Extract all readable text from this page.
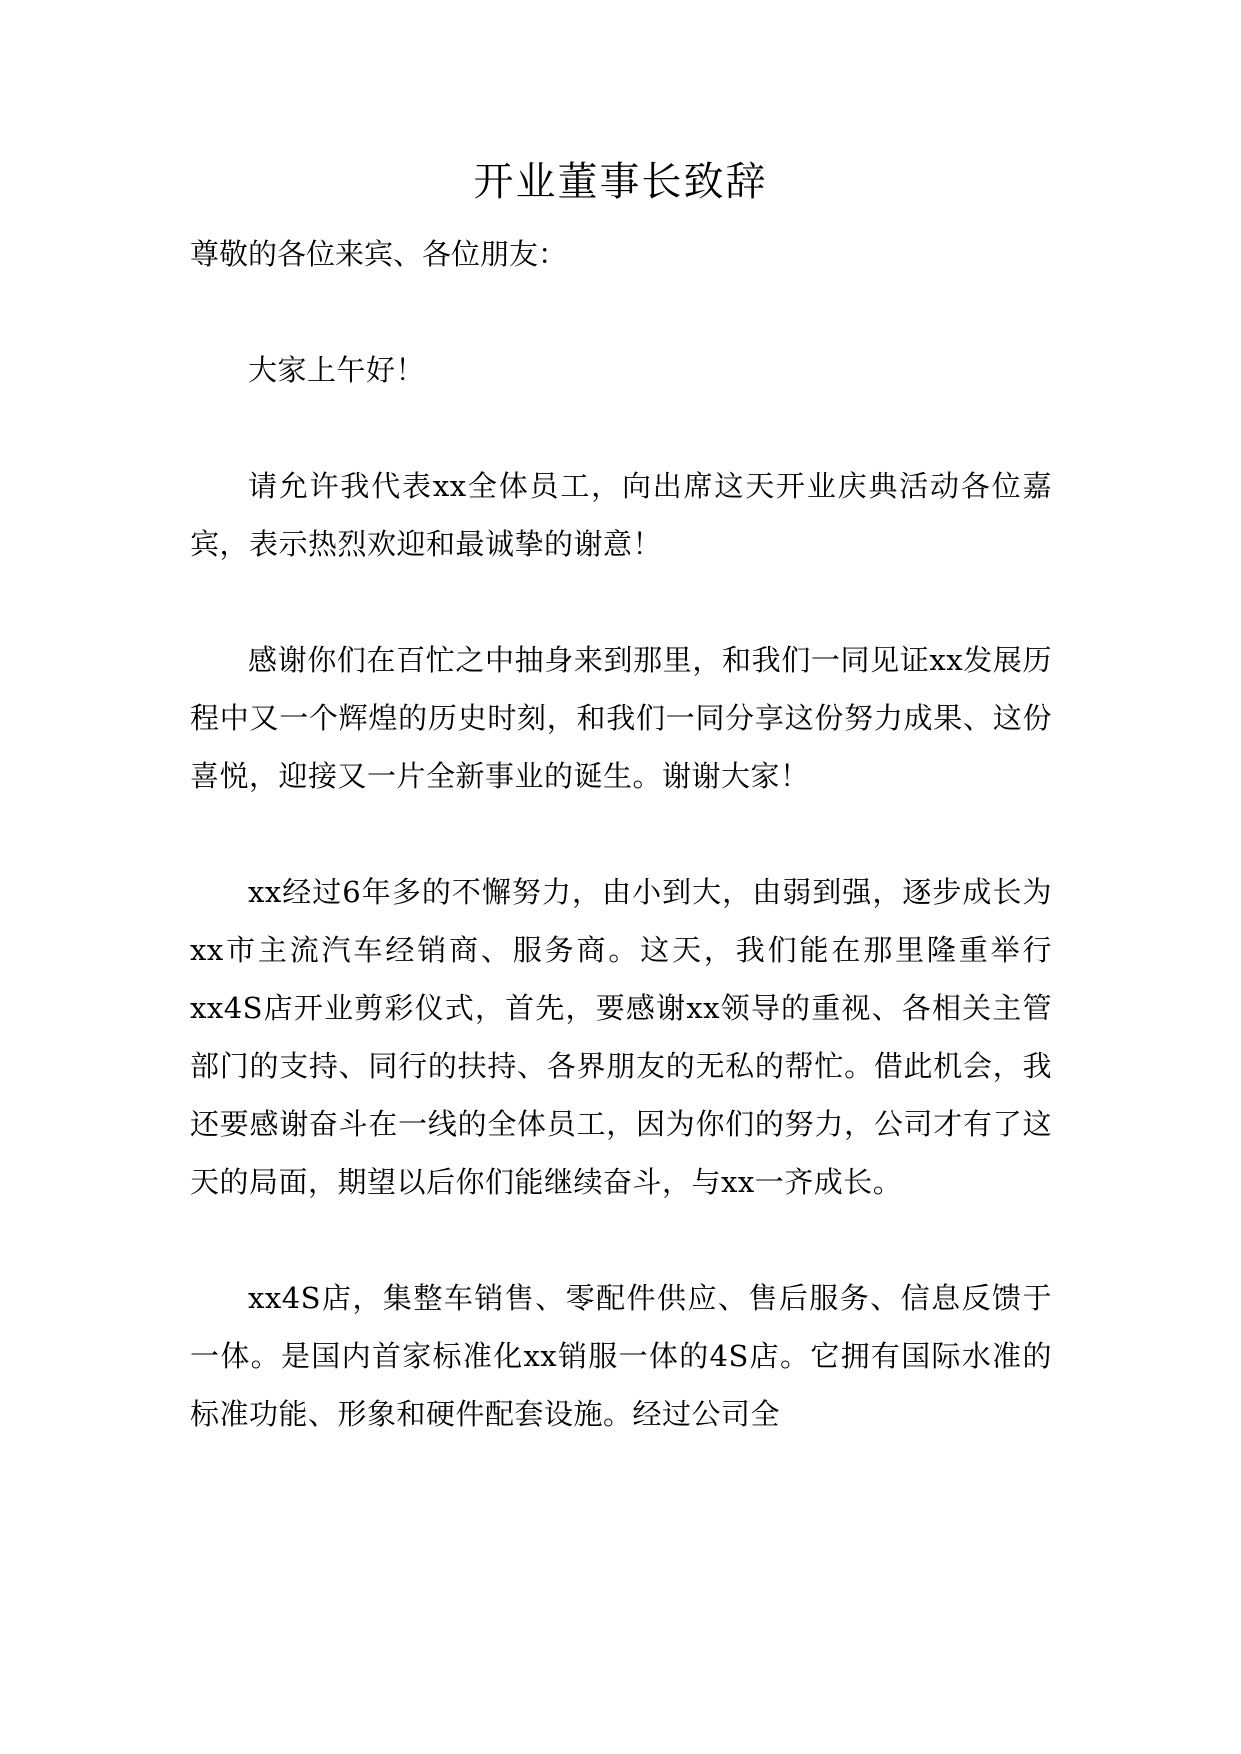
开业董事长致辞

尊敬的各位来宾、各位朋友：

大家上午好！

请允许我代表xx全体员工，向出席这天开业庆典活动各位嘉宾，表示热烈欢迎和最诚挚的谢意！

感谢你们在百忙之中抽身来到那里，和我们一同见证xx发展历程中又一个辉煌的历史时刻，和我们一同分享这份努力成果、这份喜悦，迎接又一片全新事业的诞生。谢谢大家！

xx经过6年多的不懈努力，由小到大，由弱到强，逐步成长为xx市主流汽车经销商、服务商。这天，我们能在那里隆重举行xx4S店开业剪彩仪式，首先，要感谢xx领导的重视、各相关主管部门的支持、同行的扶持、各界朋友的无私的帮忙。借此机会，我还要感谢奋斗在一线的全体员工，因为你们的努力，公司才有了这天的局面，期望以后你们能继续奋斗，与xx一齐成长。

xx4S店，集整车销售、零配件供应、售后服务、信息反馈于一体。是国内首家标准化xx销服一体的4S店。它拥有国际水准的标准功能、形象和硬件配套设施。经过公司全
